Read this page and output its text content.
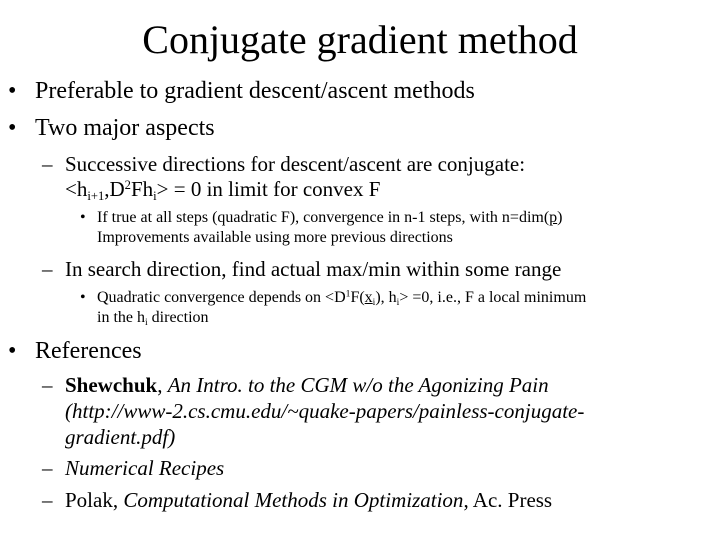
Conjugate gradient method
• Preferable to gradient descent/ascent methods
• Two major aspects
– Successive directions for descent/ascent are conjugate:
$<h_{i+1},D^2Fh_i> = 0$ in limit for convex F
• If true at all steps (quadratic F), convergence in n-1 steps, with n=dim(p)
Improvements available using more previous directions
– In search direction, find actual max/min within some range
• Quadratic convergence depends on $<D^1F(x_i)$, $h_i> =0$, i.e., F a local minimum
in the $h_i$ direction
• References
– Shewchuk, An Intro. to the CGM w/o the Agonizing Pain
(http://www-2.cs.cmu.edu/~quake-papers/painless-conjugate-
gradient.pdf)
– Numerical Recipes
– Polak, Computational Methods in Optimization, Ac. Press
